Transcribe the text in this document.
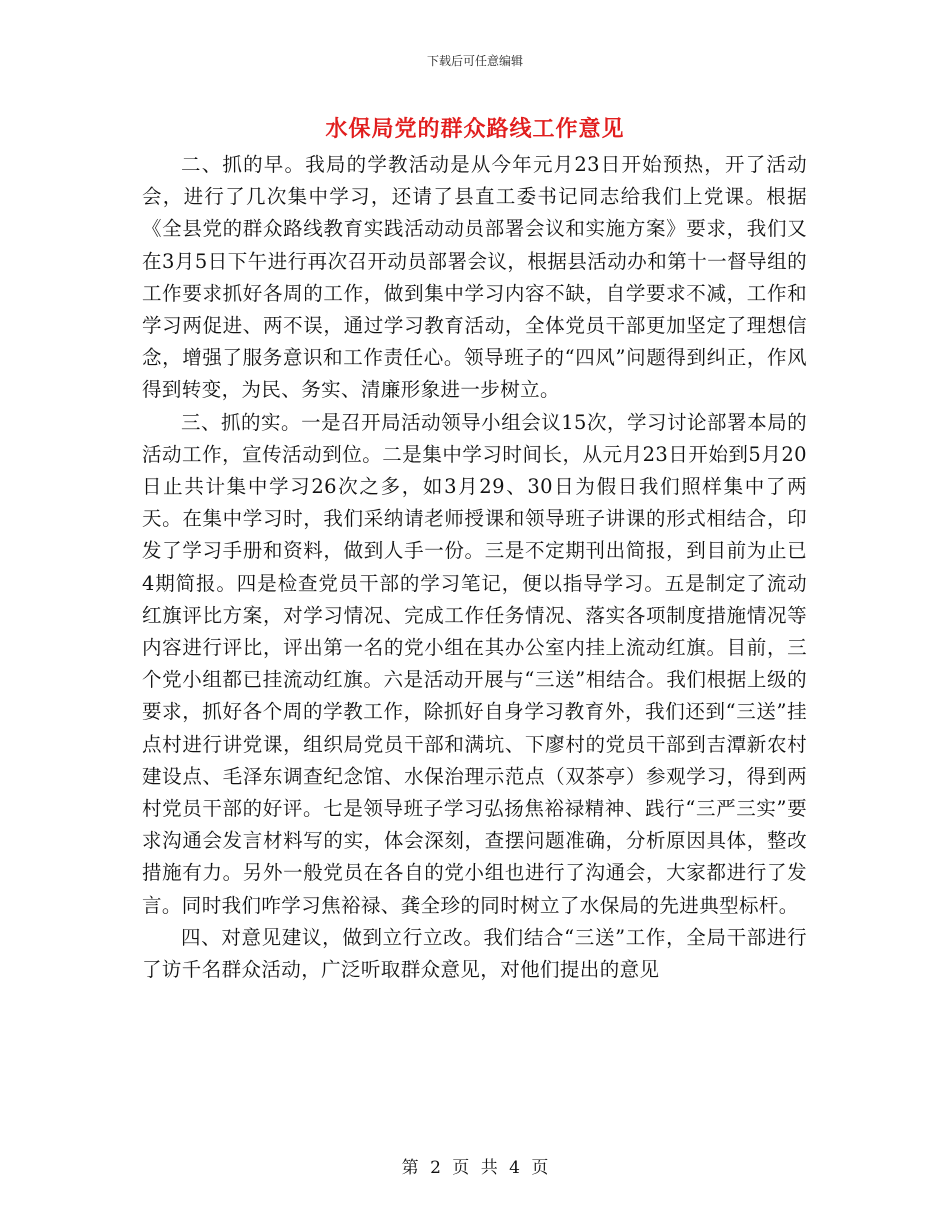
下载后可任意编辑
水保局党的群众路线工作意见

二、抓的早。我局的学教活动是从今年元月23日开始预热，开了活动会，进行了几次集中学习，还请了县直工委书记同志给我们上党课。根据《全县党的群众路线教育实践活动动员部署会议和实施方案》要求，我们又在3月5日下午进行再次召开动员部署会议，根据县活动办和第十一督导组的工作要求抓好各周的工作，做到集中学习内容不缺，自学要求不减，工作和学习两促进、两不误，通过学习教育活动，全体党员干部更加坚定了理想信念，增强了服务意识和工作责任心。领导班子的“四风”问题得到纠正，作风得到转变，为民、务实、清廉形象进一步树立。

三、抓的实。一是召开局活动领导小组会议15次，学习讨论部署本局的活动工作，宣传活动到位。二是集中学习时间长，从元月23日开始到5月20日止共计集中学习26次之多，如3月29、30日为假日我们照样集中了两天。在集中学习时，我们采纳请老师授课和领导班子讲课的形式相结合，印发了学习手册和资料，做到人手一份。三是不定期刊出简报，到目前为止已4期简报。四是检查党员干部的学习笔记，便以指导学习。五是制定了流动红旗评比方案，对学习情况、完成工作任务情况、落实各项制度措施情况等内容进行评比，评出第一名的党小组在其办公室内挂上流动红旗。目前，三个党小组都已挂流动红旗。六是活动开展与“三送”相结合。我们根据上级的要求，抓好各个周的学教工作，除抓好自身学习教育外，我们还到“三送”挂点村进行讲党课，组织局党员干部和满坑、下廖村的党员干部到吉潭新农村建设点、毛泽东调查纪念馆、水保治理示范点（双茶亭）参观学习，得到两村党员干部的好评。七是领导班子学习弘扬焦裕禄精神、践行“三严三实”要求沟通会发言材料写的实，体会深刻，查摆问题准确，分析原因具体，整改措施有力。另外一般党员在各自的党小组也进行了沟通会，大家都进行了发言。同时我们咋学习焦裕禄、龚全珍的同时树立了水保局的先进典型标杆。

四、对意见建议，做到立行立改。我们结合“三送”工作，全局干部进行了访千名群众活动，广泛听取群众意见，对他们提出的意见

第 2 页 共 4 页
